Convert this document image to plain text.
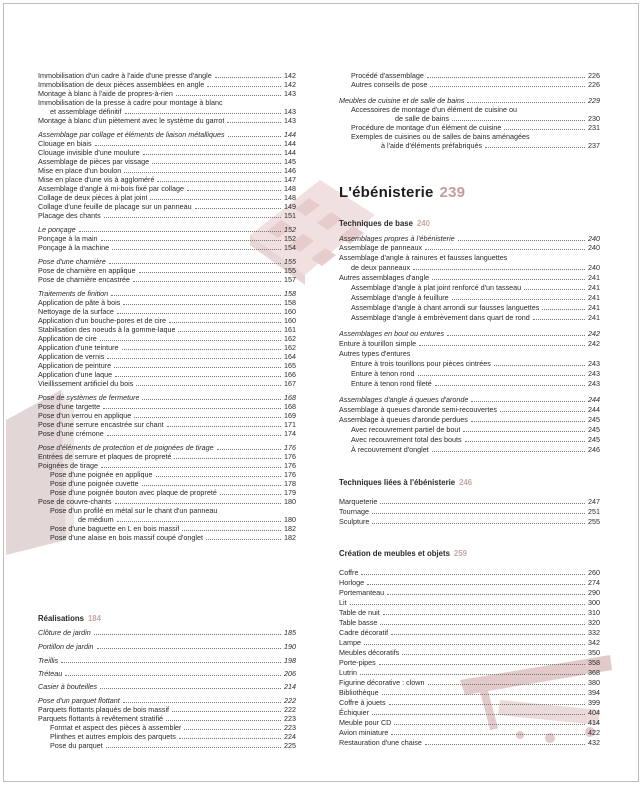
Immobilisation d'un cadre à l'aide d'une presse d'angle	142
Immobilisation de deux pièces assemblées en angle	142
Montage à blanc à l'aide de propres-à-rien	143
Immobilisation de la presse à cadre pour montage à blanc
et assemblage définitif	143
Montage à blanc d'un piètement avec le système du garrot	143
Assemblage par collage et éléments de liaison métalliques	144
Clouage en biais	144
Clouage invisible d'une moulure	144
Assemblage de pièces par vissage	145
Mise en place d'un boulon	146
Mise en place d'une vis à aggloméré	147
Assemblage d'angle à mi-bois fixé par collage	148
Collage de deux pièces à plat joint	148
Collage d'une feuille de placage sur un panneau	149
Placage des chants	151
Le ponçage	152
Ponçage à la main	152
Ponçage à la machine	154
Pose d'une charnière	155
Pose de charnière en applique	155
Pose de charnière encastrée	157
Traitements de finition	158
Application de pâte à bois	158
Nettoyage de la surface	160
Application d'un bouche-pores et de cire	160
Stabilisation des noeuds à la gomme-laque	161
Application de cire	162
Application d'une teinture	162
Application de vernis	164
Application de peinture	165
Application d'une laque	166
Vieillissement artificiel du bois	167
Pose de systèmes de fermeture	168
Pose d'une targette	168
Pose d'un verrou en applique	169
Pose d'une serrure encastrée sur chant	171
Pose d'une crémone	174
Pose d'éléments de protection et de poignées de tirage	176
Entrées de serrure et plaques de propreté	176
Poignées de tirage	176
Pose d'une poignée en applique	176
Pose d'une poignée cuvette	178
Pose d'une poignée bouton avec plaque de propreté	179
Pose de couvre-chants	180
Pose d'un profilé en métal sur le chant d'un panneau
de médium	180
Pose d'une baguette en L en bois massif	182
Pose d'une alaise en bois massif coupé d'onglet	182
Réalisations 184
Clôture de jardin	185
Portillon de jardin	190
Treillis	198
Tréteau	206
Casier à bouteilles	214
Pose d'un parquet flottant	222
Parquets flottants plaqués de bois massif	222
Parquets flottants à revêtement stratifié	223
Format et aspect des pièces à assembler	223
Plinthes et autres emplois des parquets	224
Pose du parquet	225
Procédé d'assemblage	226
Autres conseils de pose	226
Meubles de cuisine et de salle de bains	229
Accessoires de montage d'un élément de cuisine ou
de salle de bains	230
Procédure de montage d'un élément de cuisine	231
Exemples de cuisines ou de salles de bains aménagées
à l'aide d'éléments préfabriqués	237
L'ébénisterie 239
Techniques de base 240
Assemblages propres à l'ébénisterie	240
Assemblage de panneaux	240
Assemblage d'angle à rainures et fausses languettes
de deux panneaux	240
Autres assemblages d'angle	241
Assemblage d'angle à plat joint renforcé d'un tasseau	241
Assemblage d'angle à feuillure	241
Assemblage d'angle à chant arrondi sur fausses languettes	241
Assemblage d'angle à embrèvement dans quart de rond	241
Assemblages en bout ou entures	242
Enture à tourillon simple	242
Autres types d'entures
Enture à trois tourillons pour pièces cintrées	243
Enture à tenon rond	243
Enture à tenon rond fileté	243
Assemblages d'angle à queues d'aronde	244
Assemblage à queues d'aronde semi-recouvertes	244
Assemblage à queues d'aronde perdues	245
Avec recouvrement partiel de bout	245
Avec recouvrement total des bouts	245
À recouvrement d'onglet	246
Techniques liées à l'ébénisterie 246
Marqueterie	247
Tournage	251
Sculpture	255
Création de meubles et objets 259
Coffre	260
Horloge	274
Portemanteau	290
Lit	300
Table de nuit	310
Table basse	320
Cadre décoratif	332
Lampe	342
Meubles décoratifs	350
Porte-pipes	358
Lutrin	368
Figurine décorative : clown	380
Bibliothèque	394
Coffre à jouets	399
Échiquier	404
Meuble pour CD	414
Avion miniature	422
Restauration d'une chaise	432
